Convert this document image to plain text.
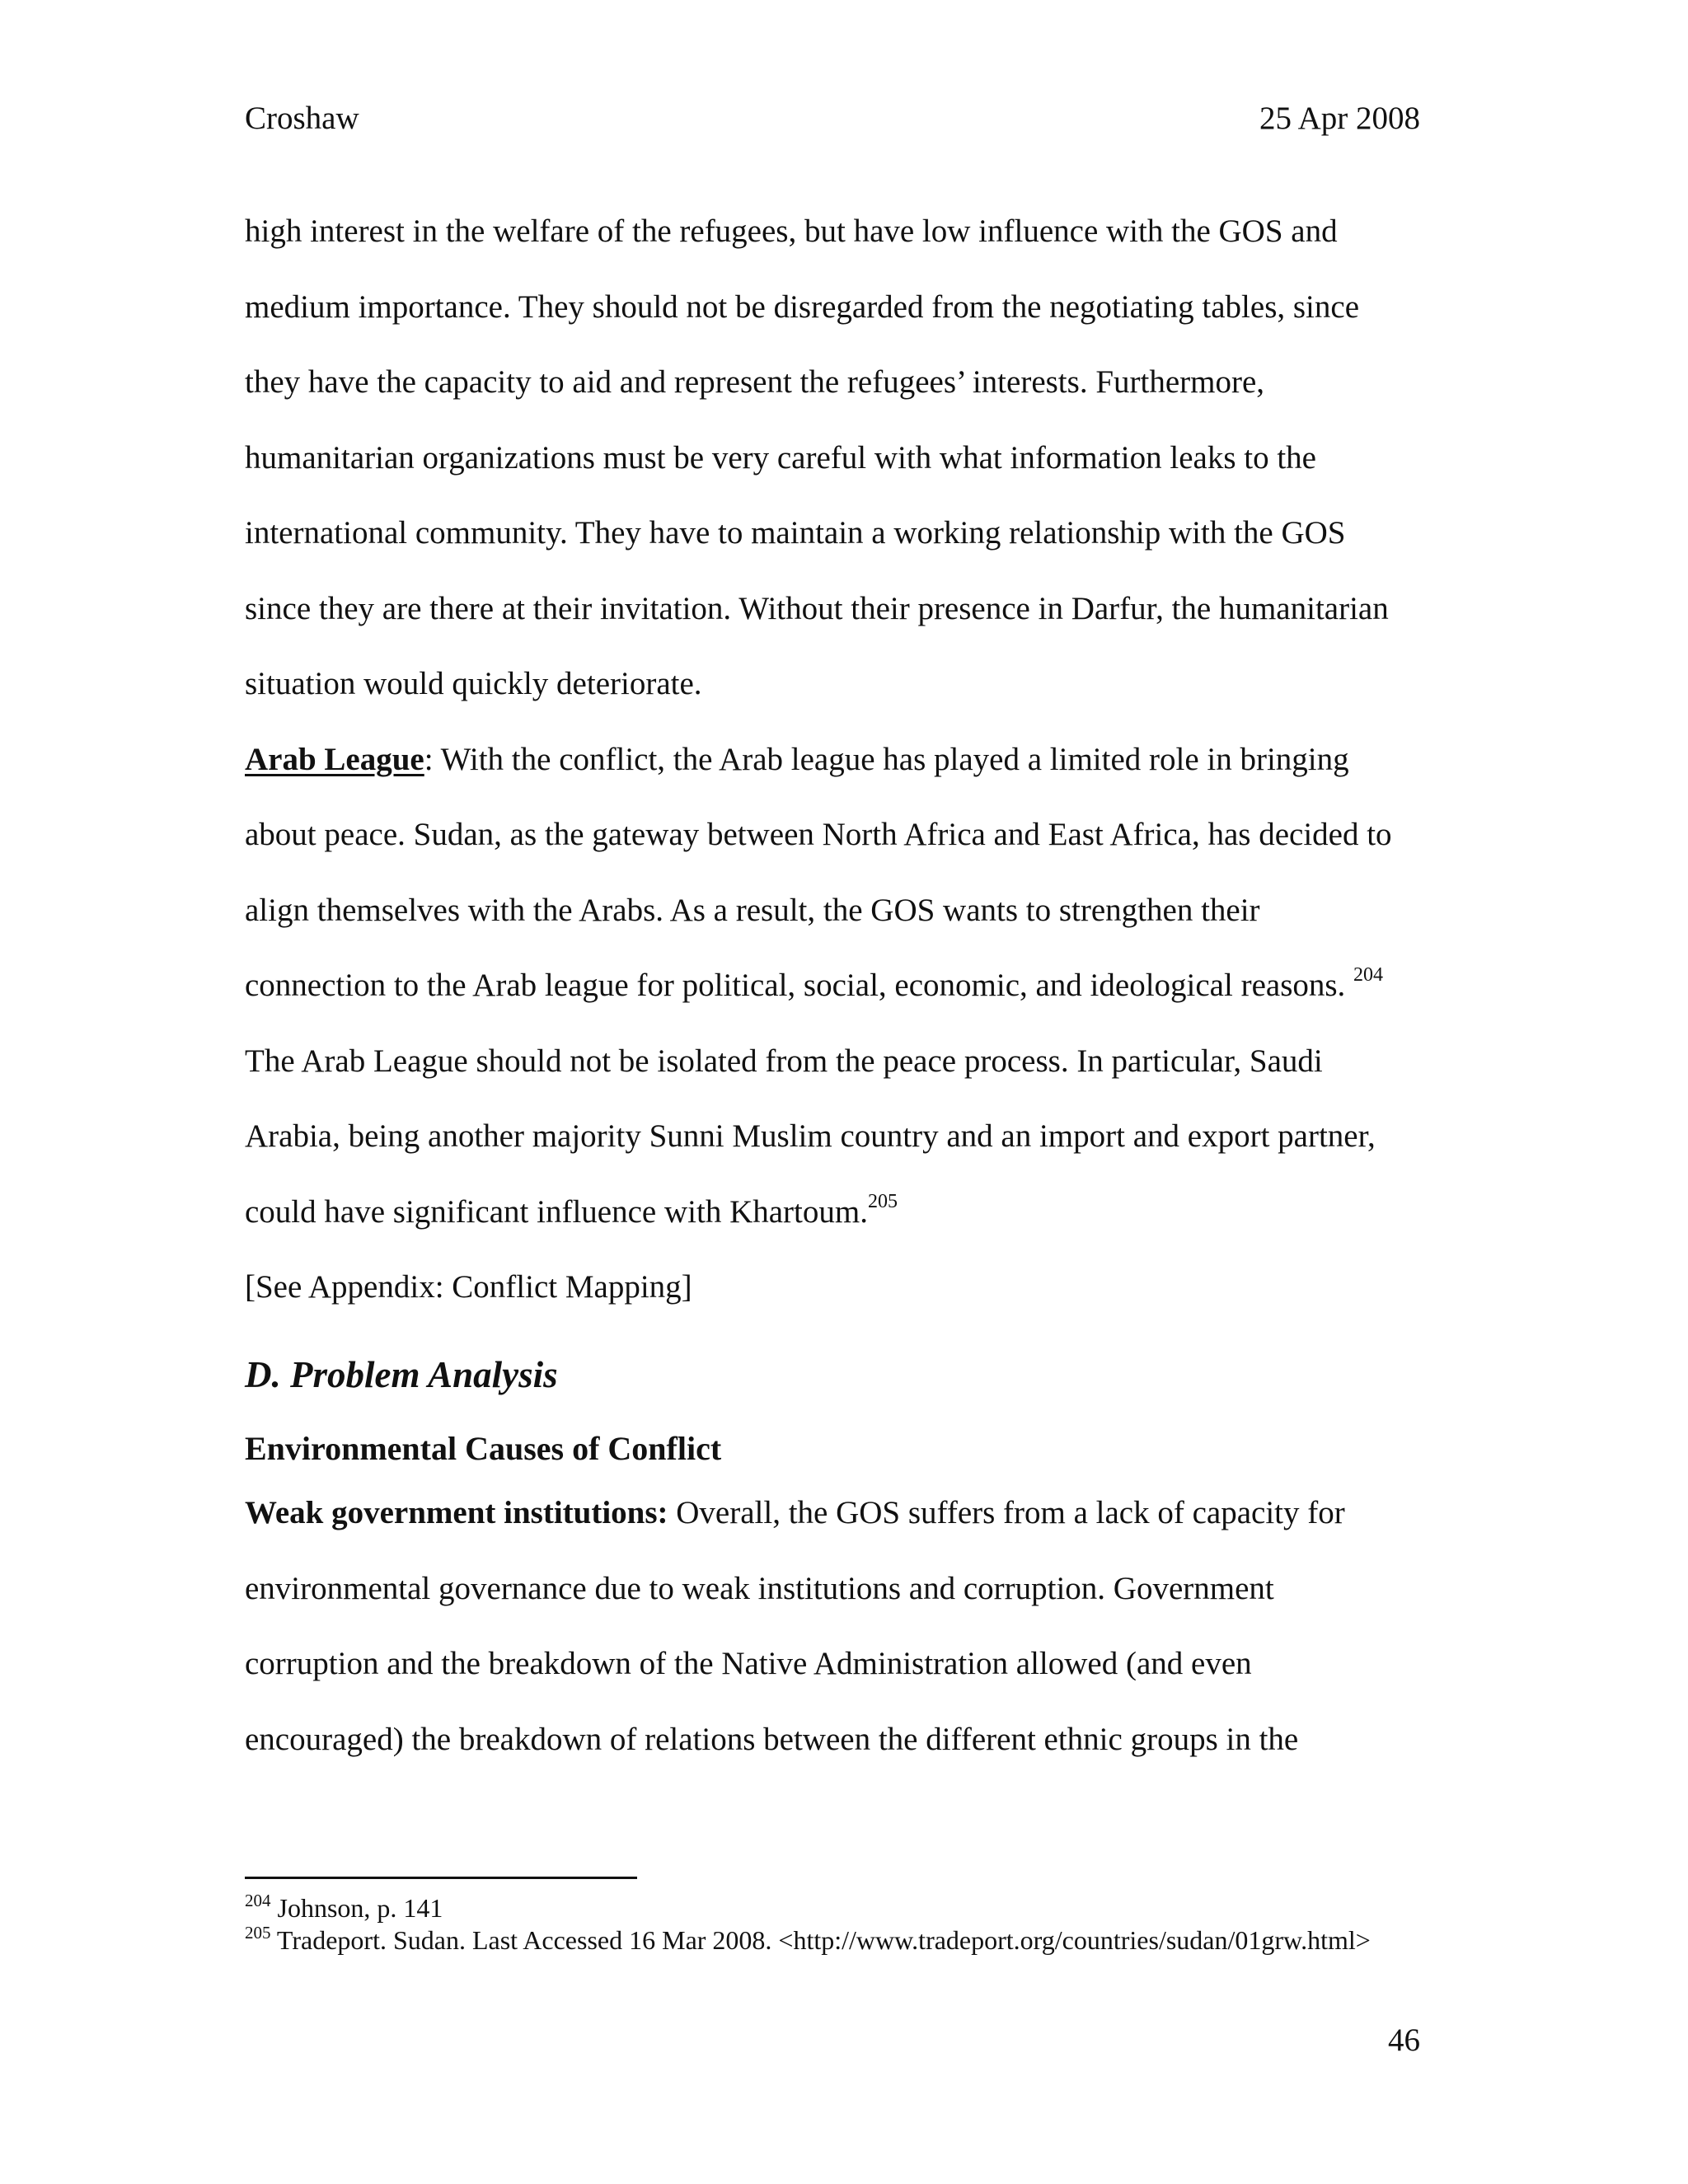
Croshaw	25 Apr 2008
high interest in the welfare of the refugees, but have low influence with the GOS and
medium importance. They should not be disregarded from the negotiating tables, since
they have the capacity to aid and represent the refugees’ interests. Furthermore,
humanitarian organizations must be very careful with what information leaks to the
international community. They have to maintain a working relationship with the GOS
since they are there at their invitation. Without their presence in Darfur, the humanitarian
situation would quickly deteriorate.
Arab League: With the conflict, the Arab league has played a limited role in bringing
about peace. Sudan, as the gateway between North Africa and East Africa, has decided to
align themselves with the Arabs. As a result, the GOS wants to strengthen their
connection to the Arab league for political, social, economic, and ideological reasons. $^{204}$
The Arab League should not be isolated from the peace process. In particular, Saudi
Arabia, being another majority Sunni Muslim country and an import and export partner,
could have significant influence with Khartoum.$^{205}$
[See Appendix: Conflict Mapping]
D. Problem Analysis
Environmental Causes of Conflict
Weak government institutions: Overall, the GOS suffers from a lack of capacity for
environmental governance due to weak institutions and corruption. Government
corruption and the breakdown of the Native Administration allowed (and even
encouraged) the breakdown of relations between the different ethnic groups in the
$^{204}$ Johnson, p. 141
$^{205}$ Tradeport. Sudan. Last Accessed 16 Mar 2008. <http://www.tradeport.org/countries/sudan/01grw.html>
46
